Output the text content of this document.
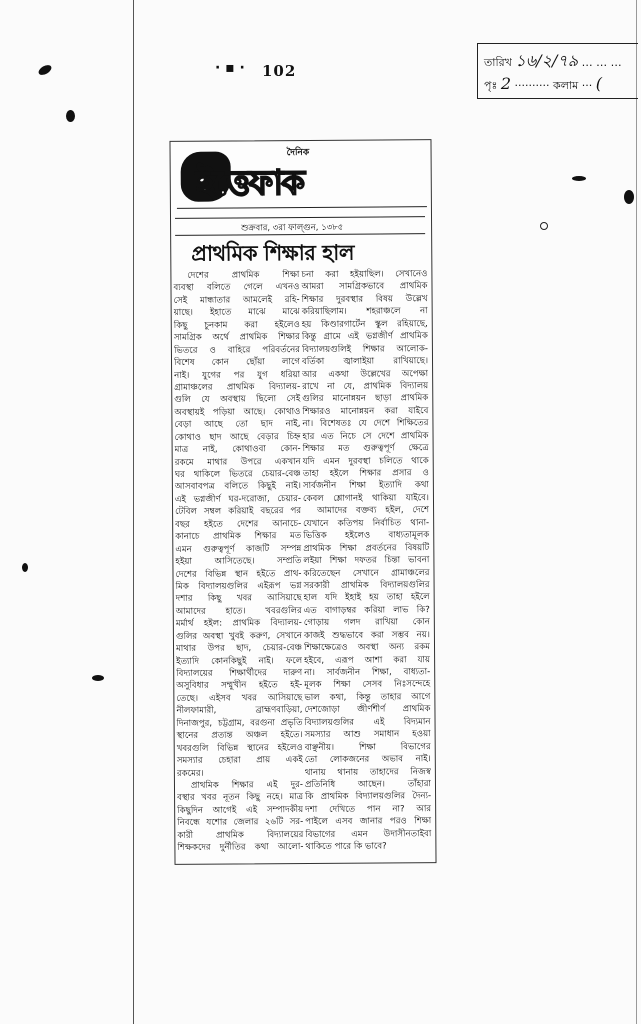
· ▪ · 102	তারিখ ১৬/২/৭৯ … … …
পৃঃ 2 ·········· কলাম ··· (
দৈনিক
ইত্তেফাক
শুক্রবার, ৩রা ফাল্গুন, ১৩৮৫
প্রাথমিক শিক্ষার হাল
দেশের প্রাথমিক শিক্ষা
ব্যবস্থা বলিতে গেলে এখনও
সেই মান্ধাতার আমলেই রহি-
য়াছে। ইহাতে মাঝে মাঝে
কিছু চুনকাম করা হইলেও
সামগ্রিক অর্থে প্রাথমিক শিক্ষার
ভিতরে ও বাহিরে পরিবর্তনের
বিশেষ কোন ছোঁয়া লাগে
নাই। যুগের পর যুগ ধরিয়া
গ্রামাঞ্চলের প্রাথমিক বিদ্যালয়-
গুলি যে অবস্থায় ছিলো সেই
অবস্থায়ই পড়িয়া আছে। কোথাও
বেড়া আছে তো ছাদ নাই,
কোথাও ছাদ আছে বেড়ার চিহ্ন
মাত্র নাই, কোথাওবা কোন-
রকমে মাথার উপরে একখান
ঘর থাকিলে ভিতরে চেয়ার-বেঞ্চ
আসবাবপত্র বলিতে কিছুই নাই।
এই ভগ্নজীর্ণ ঘর-দরোজা, চেয়ার-
টেবিল সম্বল করিয়াই বছরের পর
বছর হইতে দেশের আনাচে-
কানাচে প্রাথমিক শিক্ষার মত
এমন গুরুত্বপূর্ণ কাজটি সম্পন্ন
হইয়া আসিতেছে। সম্প্রতি
দেশের বিভিন্ন স্থান হইতে প্রাথ-
মিক বিদ্যালয়গুলির এইরূপ ভগ্ন
দশার কিছু খবর আসিয়াছে
আমাদের হাতে। খবরগুলির
মর্মার্থ হইল: প্রাথমিক বিদ্যালয়-
গুলির অবস্থা খুবই করুণ, সেখানে
মাথার উপর ছাদ, চেয়ার-বেঞ্চ
ইত্যাদি কোনকিছুই নাই। ফলে
বিদ্যালয়ের শিক্ষার্থীদের দারুণ
অসুবিধার সম্মুখীন হইতে হই-
তেছে। এইসব খবর আসিয়াছে
নীলফামারী, ব্রাহ্মণবাড়িয়া,
দিনাজপুর, চট্টগ্রাম, বরগুনা প্রভৃতি
স্থানের প্রত্যন্ত অঞ্চল হইতে।
খবরগুলি বিভিন্ন স্থানের হইলেও
সমস্যার চেহারা প্রায় একই
রকমের।
প্রাথমিক শিক্ষার এই দুর-
বস্থার খবর নূতন কিছু নহে। মাত্র
কিছুদিন আগেই এই সম্পাদকীয়
নিবন্ধে যশোর জেলার ২৬টি সর-
কারী প্রাথমিক বিদ্যালয়ের
শিক্ষকদের দুর্নীতির কথা আলো-
চনা করা হইয়াছিল। সেখানেও
আমরা সামগ্রিকভাবে প্রাথমিক
শিক্ষার দুরবস্থার বিষয় উল্লেখ
করিয়াছিলাম। শহরাঞ্চলে না
হয় কিণ্ডারগার্টেন স্কুল রহিয়াছে,
কিন্তু গ্রামে এই ভগ্নজীর্ণ প্রাথমিক
বিদ্যালয়গুলিই শিক্ষার আলোক-
বর্তিকা জ্বালাইয়া রাখিয়াছে।
আর একথা উল্লেখের অপেক্ষা
রাখে না যে, প্রাথমিক বিদ্যালয়
গুলির মানোন্নয়ন ছাড়া প্রাথমিক
শিক্ষারও মানোন্নয়ন করা যাইবে
না। বিশেষতঃ যে দেশে শিক্ষিতের
হার এত নিচে সে দেশে প্রাথমিক
শিক্ষার মত গুরুত্বপূর্ণ ক্ষেত্রে
যদি এমন দুরবস্থা চলিতে থাকে
তাহা হইলে শিক্ষার প্রসার ও
সার্বজনীন শিক্ষা ইত্যাদি কথা
কেবল শ্লোগানই থাকিয়া যাইবে।
আমাদের বক্তব্য হইল, দেশে
যেখানে কতিপয় নির্বাচিত থানা-
ভিত্তিক হইলেও বাধ্যতামূলক
প্রাথমিক শিক্ষা প্রবর্তনের বিষয়টি
লইয়া শিক্ষা দফতর চিন্তা ভাবনা
করিতেছেন সেখানে গ্রামাঞ্চলের
সরকারী প্রাথমিক বিদ্যালয়গুলির
হাল যদি ইহাই হয় তাহা হইলে
এত বাগাড়ম্বর করিয়া লাভ কি?
গোড়ায় গলদ রাখিয়া কোন
কাজই শুদ্ধভাবে করা সম্ভব নয়।
শিক্ষাক্ষেত্রেও অবস্থা অন্য রকম
হইবে, এরূপ আশা করা যায়
না। সার্বজনীন শিক্ষা, বাধ্যতা-
মূলক শিক্ষা সেসব নিঃসন্দেহে
ভাল কথা, কিন্তু তাহার আগে
দেশজোড়া জীর্ণশীর্ণ প্রাথমিক
বিদ্যালয়গুলির এই বিদ্যমান
সমস্যার আশু সমাধান হওয়া
বাঞ্ছনীয়। শিক্ষা বিভাগের
তো লোকজনের অভাব নাই।
থানায় থানায় তাহাদের নিজস্ব
প্রতিনিধি আছেন। তাঁহারা
কি প্রাথমিক বিদ্যালয়গুলির দৈন্য-
দশা দেখিতে পান না? আর
পাইলে এসব জানার পরও শিক্ষা
বিভাগের এমন উদাসীনতাইবা
থাকিতে পারে কি ভাবে?
